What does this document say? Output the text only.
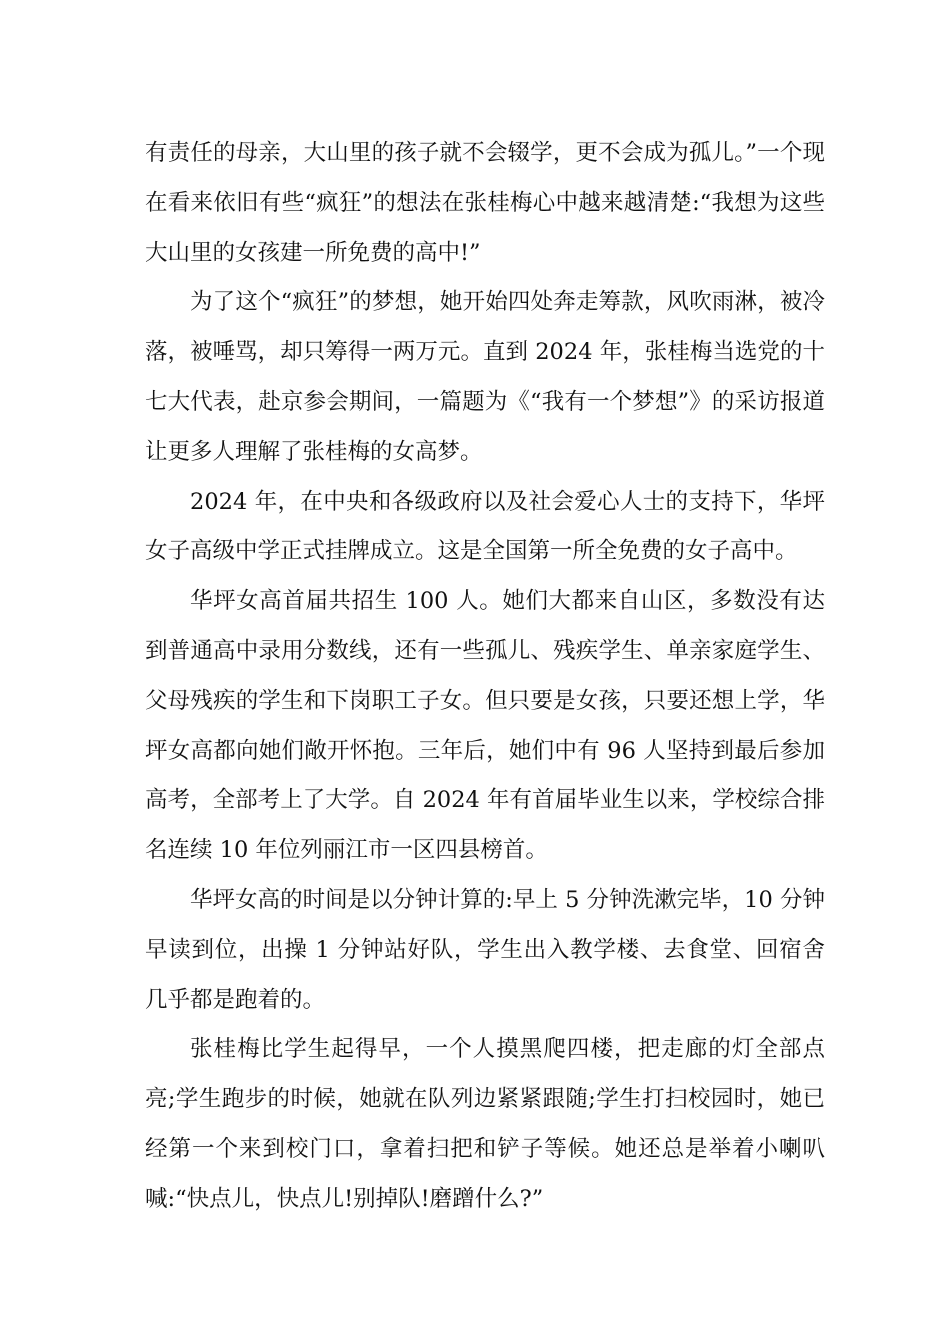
有责任的母亲，大山里的孩子就不会辍学，更不会成为孤儿。”一个现在看来依旧有些“疯狂”的想法在张桂梅心中越来越清楚:“我想为这些大山里的女孩建一所免费的高中!”

为了这个“疯狂”的梦想，她开始四处奔走筹款，风吹雨淋，被冷落，被唾骂，却只筹得一两万元。直到 2024 年，张桂梅当选党的十七大代表，赴京参会期间，一篇题为《“我有一个梦想”》的采访报道让更多人理解了张桂梅的女高梦。

2024 年，在中央和各级政府以及社会爱心人士的支持下，华坪女子高级中学正式挂牌成立。这是全国第一所全免费的女子高中。

华坪女高首届共招生 100 人。她们大都来自山区，多数没有达到普通高中录用分数线，还有一些孤儿、残疾学生、单亲家庭学生、父母残疾的学生和下岗职工子女。但只要是女孩，只要还想上学，华坪女高都向她们敞开怀抱。三年后，她们中有 96 人坚持到最后参加高考，全部考上了大学。自 2024 年有首届毕业生以来，学校综合排名连续 10 年位列丽江市一区四县榜首。

华坪女高的时间是以分钟计算的:早上 5 分钟洗漱完毕，10 分钟早读到位，出操 1 分钟站好队，学生出入教学楼、去食堂、回宿舍几乎都是跑着的。

张桂梅比学生起得早，一个人摸黑爬四楼，把走廊的灯全部点亮;学生跑步的时候，她就在队列边紧紧跟随;学生打扫校园时，她已经第一个来到校门口，拿着扫把和铲子等候。她还总是举着小喇叭喊:“快点儿，快点儿!别掉队!磨蹭什么?”
